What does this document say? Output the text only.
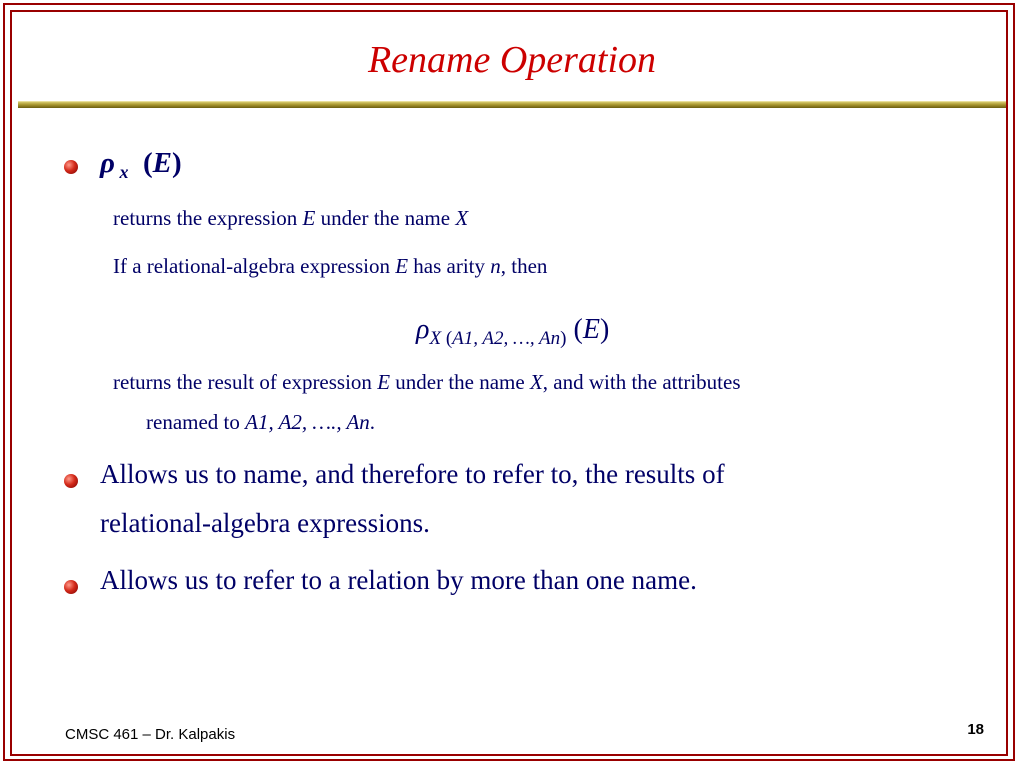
Rename Operation
ρ $_x$ (E)
returns the expression E under the name X
If a relational-algebra expression E has arity n, then
$\rho_{X (A1, A2, \dots, An)}$ (E)
returns the result of expression E under the name X, and with the attributes
renamed to A1, A2, …., An.
Allows us to name, and therefore to refer to, the results of
relational-algebra expressions.
Allows us to refer to a relation by more than one name.
CMSC 461 – Dr. Kalpakis	18
